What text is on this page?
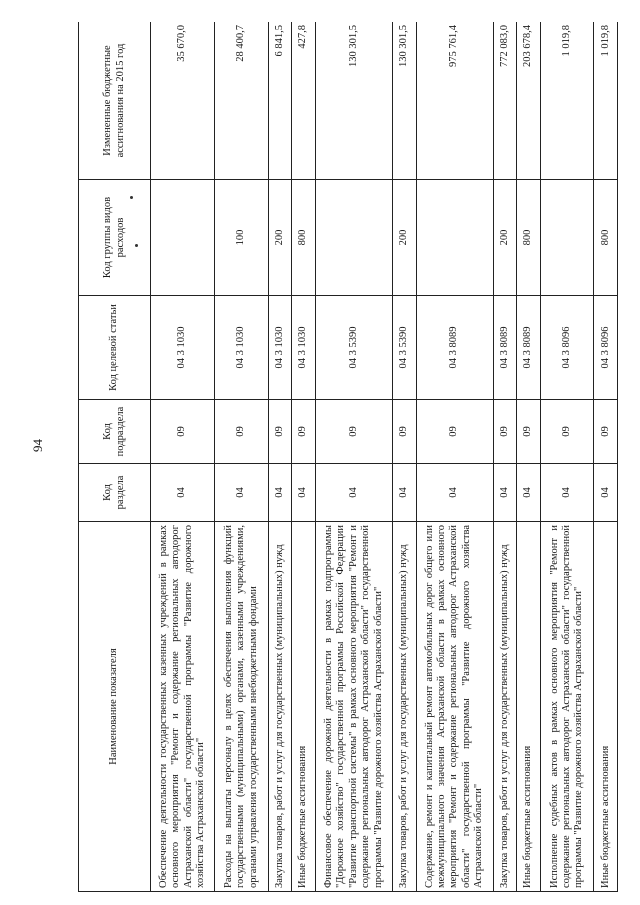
94
Наименование показателя	Код раздела	Код подраздела	Код целевой статьи	Код группы видов расходов	Измененные бюджетные ассигнования на 2015 год
Обеспечение деятельности государственных казенных учреждений в рамках основного мероприятия "Ремонт и содержание региональных автодорог Астраханской области" государственной программы "Развитие дорожного хозяйства Астраханской области"	04	09	04 3 1030		35 670,0
Расходы на выплаты персоналу в целях обеспечения выполнения функций государственными (муниципальными) органами, казенными учреждениями, органами управления государственными внебюджетными фондами	04	09	04 3 1030	100	28 400,7
Закупка товаров, работ и услуг для государственных (муниципальных) нужд	04	09	04 3 1030	200	6 841,5
Иные бюджетные ассигнования	04	09	04 3 1030	800	427,8
Финансовое обеспечение дорожной деятельности в рамках подпрограммы "Дорожное хозяйство" государственной программы Российской Федерации "Развитие транспортной системы" в рамках основного мероприятия "Ремонт и содержание региональных автодорог Астраханской области" государственной программы "Развитие дорожного хозяйства Астраханской области"	04	09	04 3 5390		130 301,5
Закупка товаров, работ и услуг для государственных (муниципальных) нужд	04	09	04 3 5390	200	130 301,5
Содержание, ремонт и капитальный ремонт автомобильных дорог общего или межмуниципального значения Астраханской области в рамках основного мероприятия "Ремонт и содержание региональных автодорог Астраханской области" государственной программы "Развитие дорожного хозяйства Астраханской области"	04	09	04 3 8089		975 761,4
Закупка товаров, работ и услуг для государственных (муниципальных) нужд	04	09	04 3 8089	200	772 083,0
Иные бюджетные ассигнования	04	09	04 3 8089	800	203 678,4
Исполнение судебных актов в рамках основного мероприятия "Ремонт и содержание региональных автодорог Астраханской области" государственной программы "Развитие дорожного хозяйства Астраханской области"	04	09	04 3 8096		1 019,8
Иные бюджетные ассигнования	04	09	04 3 8096	800	1 019,8
